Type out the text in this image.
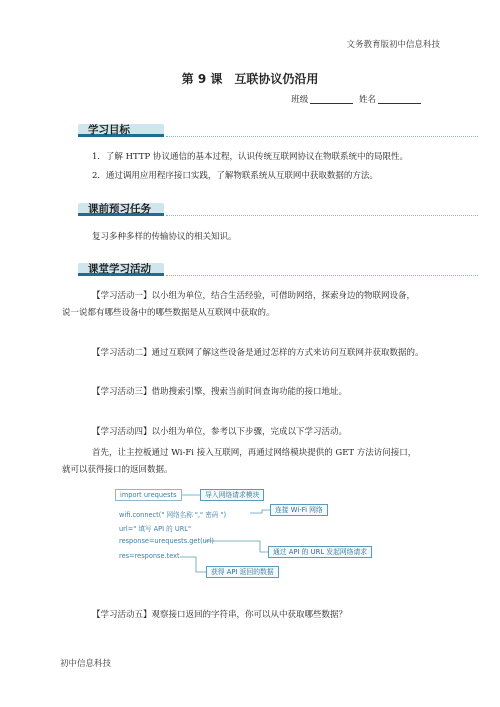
文务教育版初中信息科技
第 9 课　互联协议仍沿用
班级	姓名
学习目标
1．了解 HTTP 协议通信的基本过程，认识传统互联网协议在物联系统中的局限性。
2．通过调用应用程序接口实践，了解物联系统从互联网中获取数据的方法。
课前预习任务
复习多种多样的传输协议的相关知识。
课堂学习活动
【学习活动一】以小组为单位，结合生活经验，可借助网络，探索身边的物联网设备，
说一说都有哪些设备中的哪些数据是从互联网中获取的。
【学习活动二】通过互联网了解这些设备是通过怎样的方式来访问互联网并获取数据的。
【学习活动三】借助搜索引擎，搜索当前时间查询功能的接口地址。
【学习活动四】以小组为单位，参考以下步骤，完成以下学习活动。
首先，让主控板通过 Wi-Fi 接入互联网，再通过网络模块提供的 GET 方法访问接口，
就可以获得接口的返回数据。
import urequests
wifi.connect(" 网络名称 "," 密码 ")
url=" 填写 API 的 URL"
response=urequests.get(url)
res=response.text
导入网络请求模块
连接 Wi-Fi 网络
通过 API 的 URL 发起网络请求
获得 API 返回的数据
【学习活动五】观察接口返回的字符串，你可以从中获取哪些数据？
初中信息科技
